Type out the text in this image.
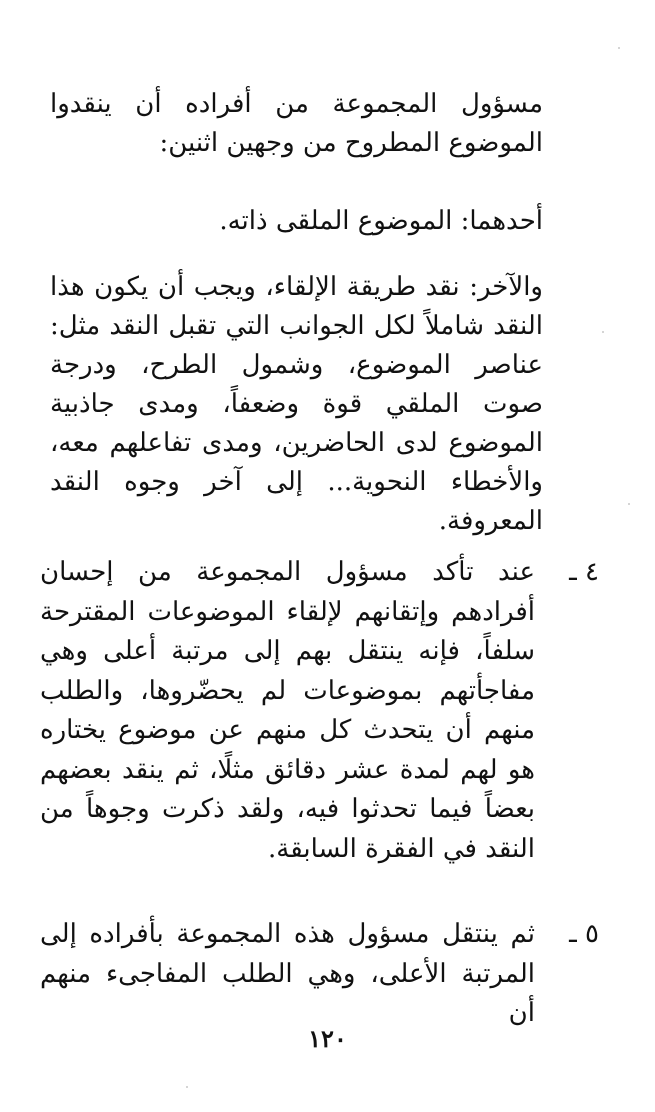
مسؤول المجموعة من أفراده أن ينقدوا الموضوع المطروح من وجهين اثنين:
أحدهما: الموضوع الملقى ذاته.
والآخر: نقد طريقة الإلقاء، ويجب أن يكون هذا النقد شاملاً لكل الجوانب التي تقبل النقد مثل: عناصر الموضوع، وشمول الطرح، ودرجة صوت الملقي قوة وضعفاً، ومدى جاذبية الموضوع لدى الحاضرين، ومدى تفاعلهم معه، والأخطاء النحوية... إلى آخر وجوه النقد المعروفة.
٤ ـ
عند تأكد مسؤول المجموعة من إحسان أفرادهم وإتقانهم لإلقاء الموضوعات المقترحة سلفاً، فإنه ينتقل بهم إلى مرتبة أعلى وهي مفاجأتهم بموضوعات لم يحضّروها، والطلب منهم أن يتحدث كل منهم عن موضوع يختاره هو لهم لمدة عشر دقائق مثلًا، ثم ينقد بعضهم بعضاً فيما تحدثوا فيه، ولقد ذكرت وجوهاً من النقد في الفقرة السابقة.
٥ ـ
ثم ينتقل مسؤول هذه المجموعة بأفراده إلى المرتبة الأعلى، وهي الطلب المفاجىء منهم أن
١٢٠
